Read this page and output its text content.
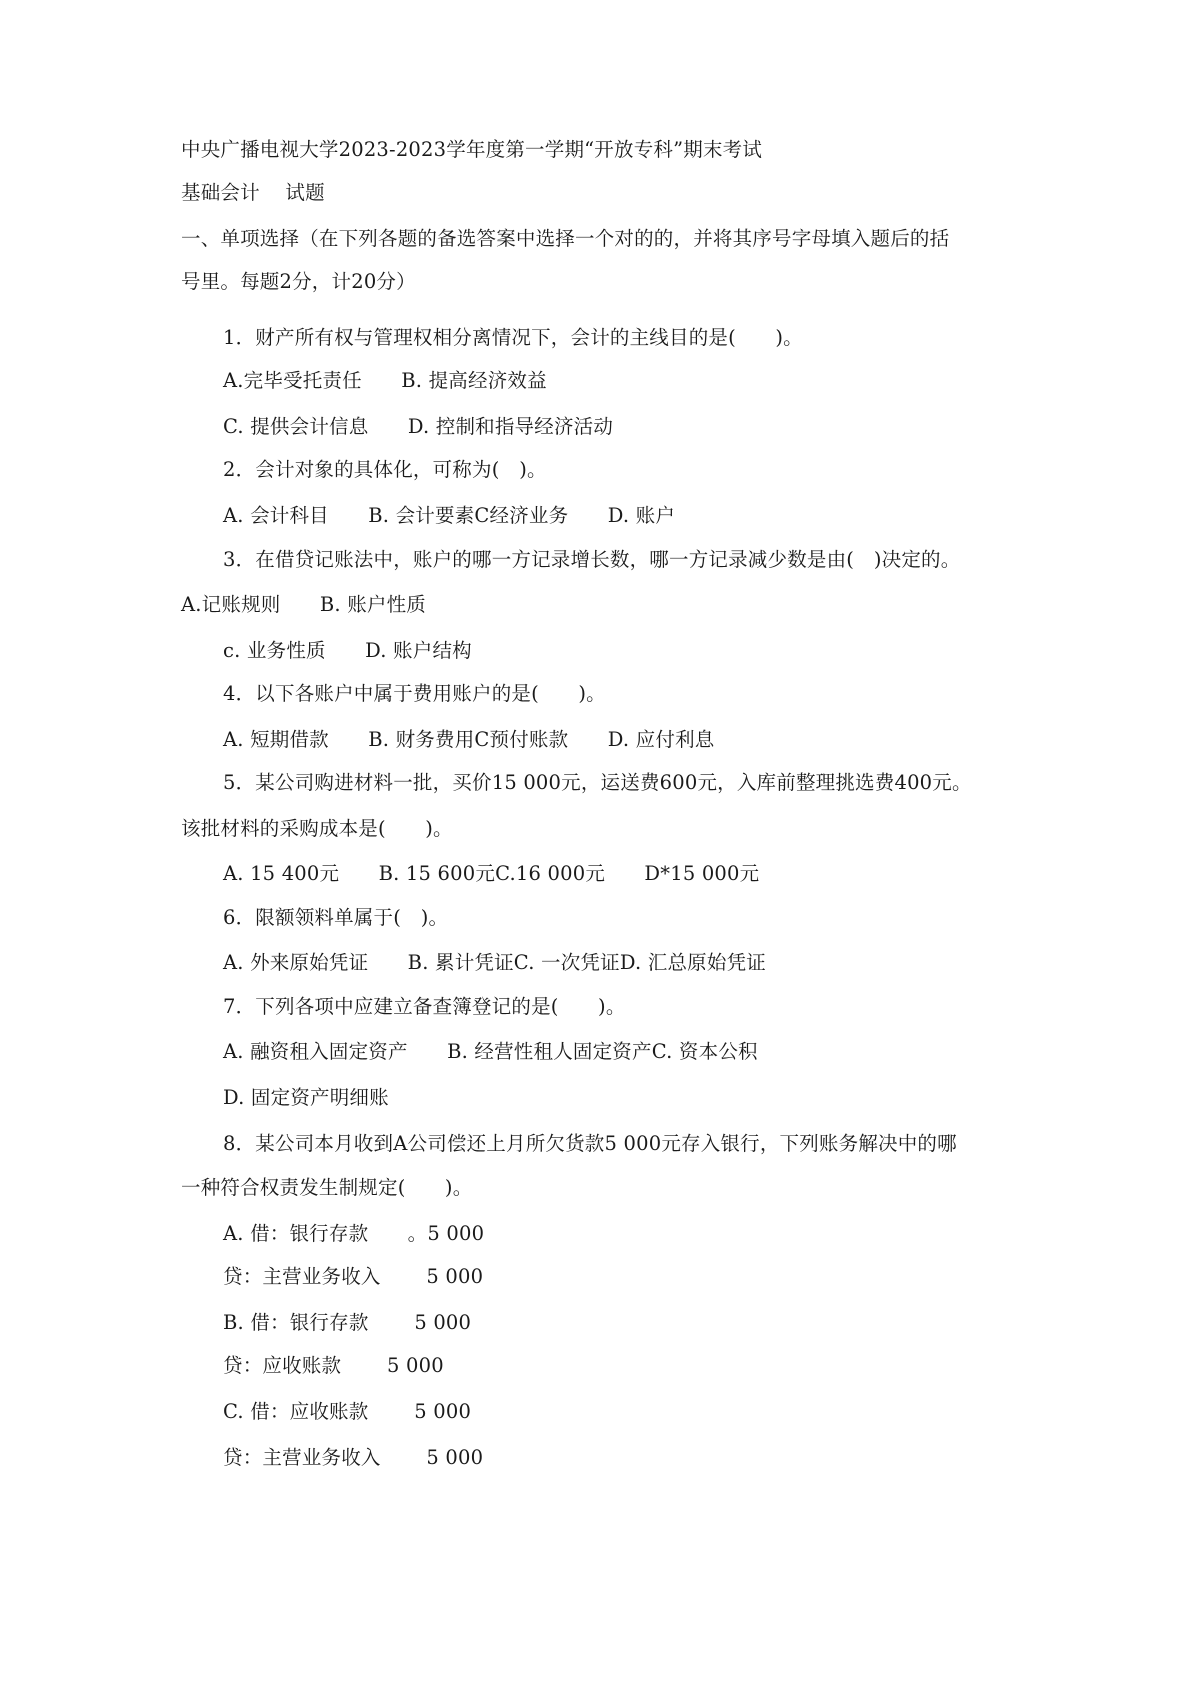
中央广播电视大学2023-2023学年度第一学期“开放专科”期末考试
基础会计    试题
一、单项选择（在下列各题的备选答案中选择一个对的的，并将其序号字母填入题后的括
号里。每题2分，计20分）
1．财产所有权与管理权相分离情况下，会计的主线目的是(　　)。
A.完毕受托责任　　B. 提高经济效益
C. 提供会计信息　　D. 控制和指导经济活动
2．会计对象的具体化，可称为(　)。
A. 会计科目　　B. 会计要素C经济业务　　D. 账户
3．在借贷记账法中，账户的哪一方记录增长数，哪一方记录减少数是由(　)决定的。
A.记账规则　　B. 账户性质
c. 业务性质　　D. 账户结构
4．以下各账户中属于费用账户的是(　　)。
A. 短期借款　　B. 财务费用C预付账款　　D. 应付利息
5．某公司购进材料一批，买价15 000元，运送费600元，入库前整理挑选费400元。
该批材料的采购成本是(　　)。
A. 15 400元　　B. 15 600元C.16 000元　　D*15 000元
6．限额领料单属于(　)。
A. 外来原始凭证　　B. 累计凭证C. 一次凭证D. 汇总原始凭证
7．下列各项中应建立备查簿登记的是(　　)。
A. 融资租入固定资产　　B. 经营性租人固定资产C. 资本公积
D. 固定资产明细账
8．某公司本月收到A公司偿还上月所欠货款5 000元存入银行，下列账务解决中的哪
一种符合权责发生制规定(　　)。
A. 借：银行存款　　。5 000
贷：主营业务收入　　 5 000
B. 借：银行存款　　 5 000
贷：应收账款　　 5 000
C. 借：应收账款　　 5 000
贷：主营业务收入　　 5 000
